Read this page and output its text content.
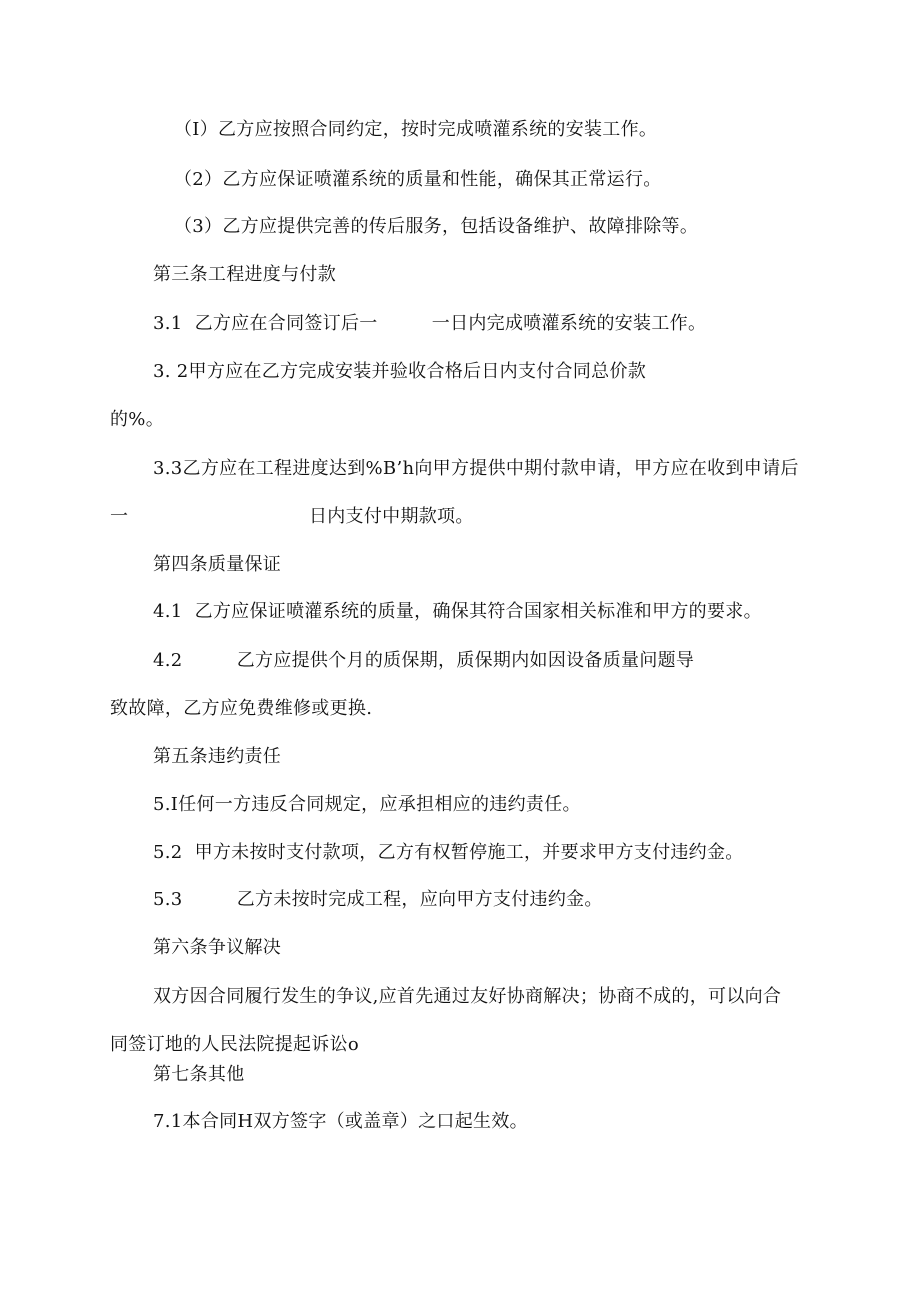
（I）乙方应按照合同约定，按时完成喷灌系统的安装工作。
（2）乙方应保证喷灌系统的质量和性能，确保其正常运行。
（3）乙方应提供完善的传后服务，包括设备维护、故障排除等。
第三条工程进度与付款
3.1  乙方应在合同签订后一         一日内完成喷灌系统的安装工作。
3. 2甲方应在乙方完成安装并验收合格后日内支付合同总价款
的%。
3.3乙方应在工程进度达到%B’h向甲方提供中期付款申请，甲方应在收到申请后
一                              日内支付中期款项。
第四条质量保证
4.1  乙方应保证喷灌系统的质量，确保其符合国家相关标准和甲方的要求。
4.2         乙方应提供个月的质保期，质保期内如因设备质量问题导
致故障，乙方应免费维修或更换.
第五条违约责任
5.I任何一方违反合同规定，应承担相应的违约责任。
5.2  甲方未按时支付款项，乙方有权暂停施工，并要求甲方支付违约金。
5.3         乙方未按时完成工程，应向甲方支付违约金。
第六条争议解决
双方因合同履行发生的争议,应首先通过友好协商解决；协商不成的，可以向合
同签订地的人民法院提起诉讼o
第七条其他
7.1本合同H双方签字（或盖章）之口起生效。
